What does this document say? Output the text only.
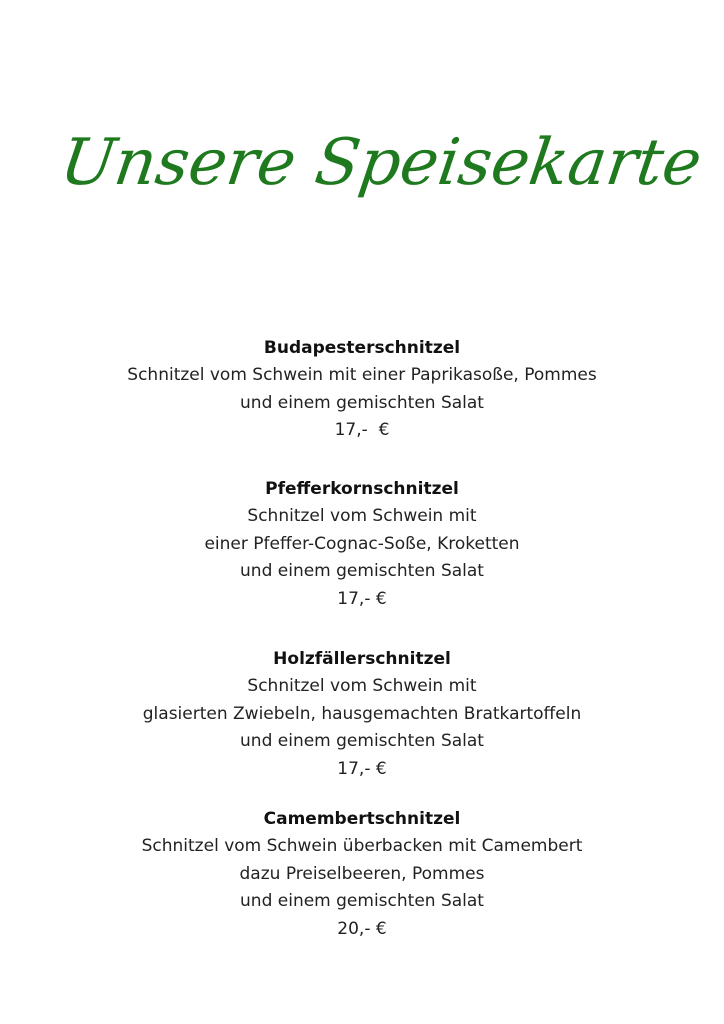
Unsere Speisekarte
Budapesterschnitzel
Schnitzel vom Schwein mit einer Paprikasoße, Pommes
und einem gemischten Salat
17,-  €
Pfefferkornschnitzel
Schnitzel vom Schwein mit
einer Pfeffer-Cognac-Soße, Kroketten
und einem gemischten Salat
17,- €
Holzfällerschnitzel
Schnitzel vom Schwein mit
glasierten Zwiebeln, hausgemachten Bratkartoffeln
und einem gemischten Salat
17,- €
Camembertschnitzel
Schnitzel vom Schwein überbacken mit Camembert
dazu Preiselbeeren, Pommes
und einem gemischten Salat
20,- €
